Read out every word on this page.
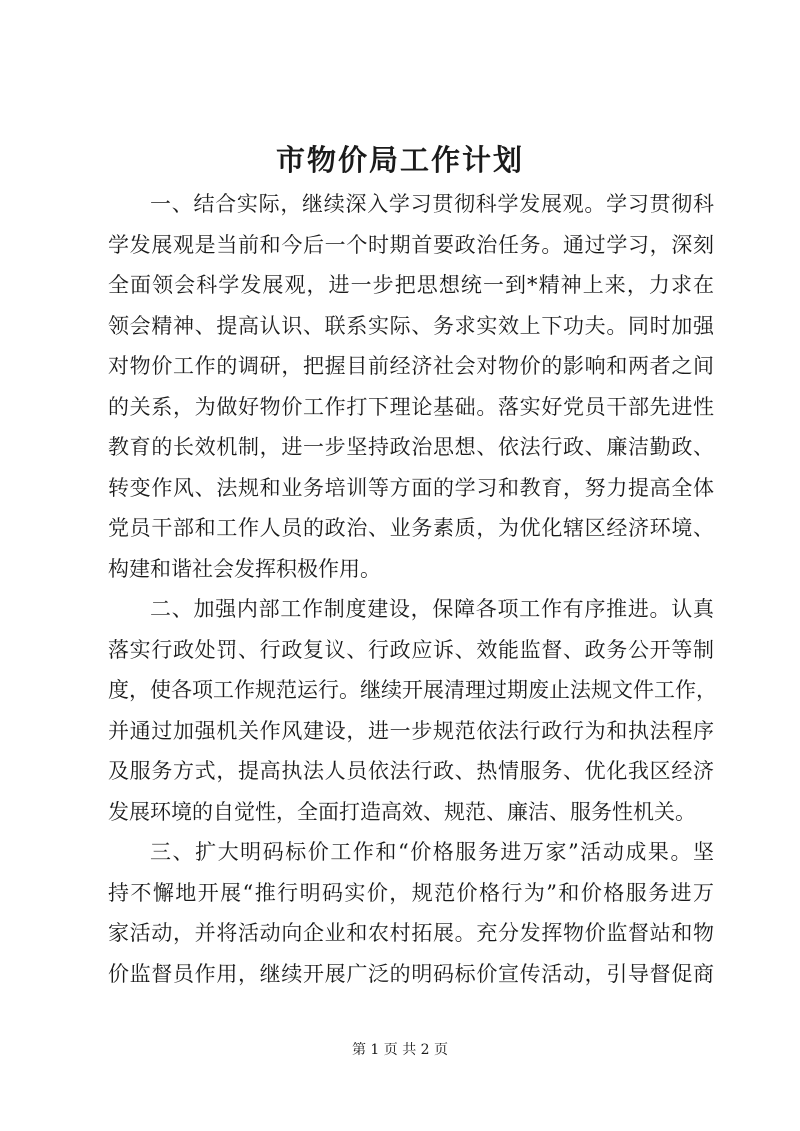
市物价局工作计划

一、结合实际，继续深入学习贯彻科学发展观。学习贯彻科
学发展观是当前和今后一个时期首要政治任务。通过学习，深刻
全面领会科学发展观，进一步把思想统一到*精神上来，力求在
领会精神、提高认识、联系实际、务求实效上下功夫。同时加强
对物价工作的调研，把握目前经济社会对物价的影响和两者之间
的关系，为做好物价工作打下理论基础。落实好党员干部先进性
教育的长效机制，进一步坚持政治思想、依法行政、廉洁勤政、
转变作风、法规和业务培训等方面的学习和教育，努力提高全体
党员干部和工作人员的政治、业务素质，为优化辖区经济环境、
构建和谐社会发挥积极作用。

二、加强内部工作制度建设，保障各项工作有序推进。认真
落实行政处罚、行政复议、行政应诉、效能监督、政务公开等制
度，使各项工作规范运行。继续开展清理过期废止法规文件工作，
并通过加强机关作风建设，进一步规范依法行政行为和执法程序
及服务方式，提高执法人员依法行政、热情服务、优化我区经济
发展环境的自觉性，全面打造高效、规范、廉洁、服务性机关。

三、扩大明码标价工作和“价格服务进万家”活动成果。坚
持不懈地开展“推行明码实价，规范价格行为”和价格服务进万
家活动，并将活动向企业和农村拓展。充分发挥物价监督站和物
价监督员作用，继续开展广泛的明码标价宣传活动，引导督促商

第 1 页 共 2 页
